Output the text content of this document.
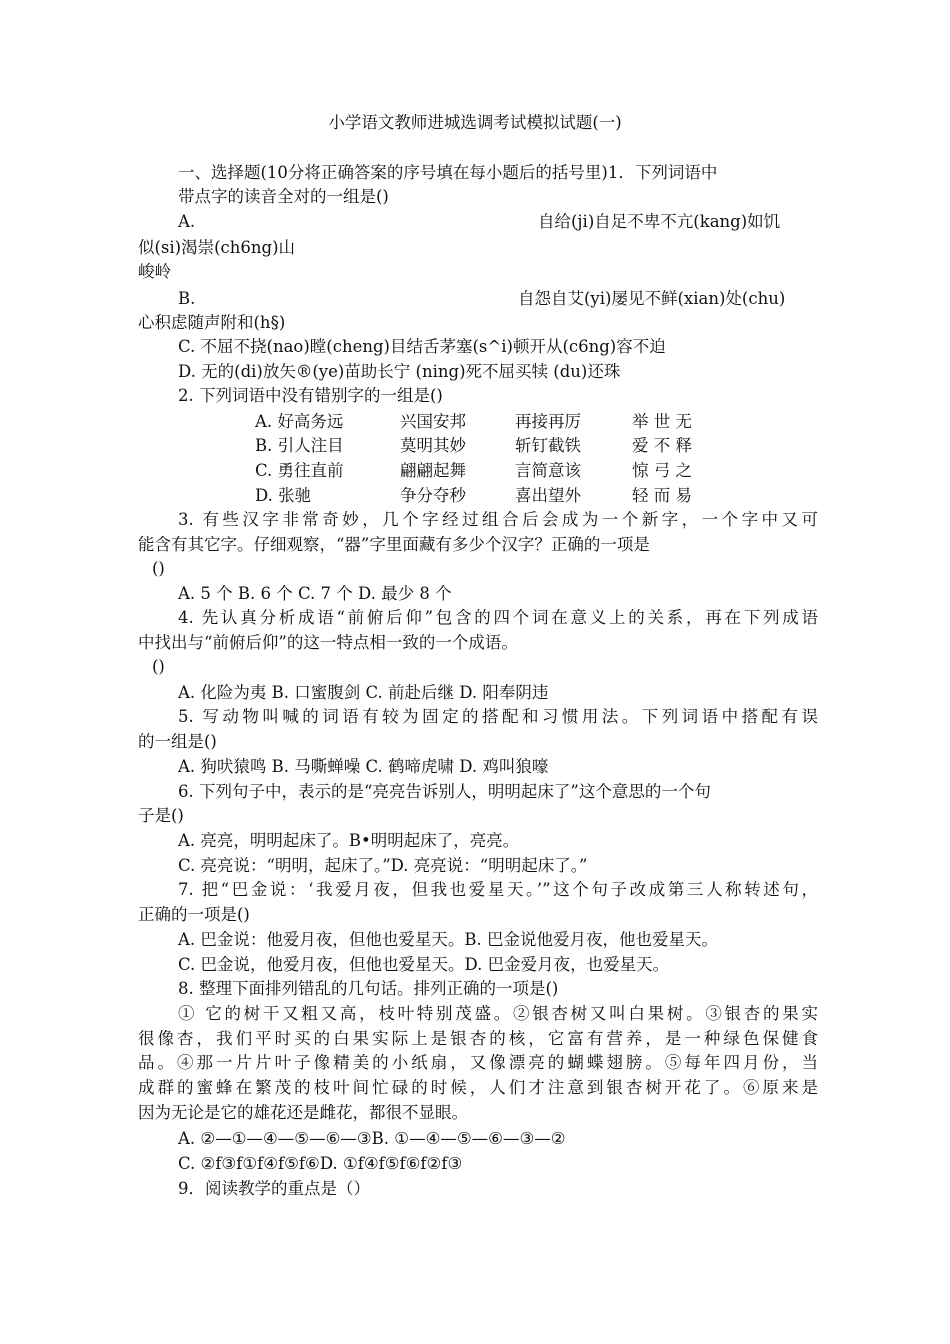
小学语文教师进城选调考试模拟试题(一)
一、选择题(10分将正确答案的序号填在每小题后的括号里)1．下列词语中
带点字的读音全对的一组是()
A.	自给(ji)自足不卑不亢(kang)如饥
似(si)渴崇(ch6ng)山
峻岭
B.	自怨自艾(yi)屡见不鲜(xian)处(chu)
心积虑随声附和(h§)
C. 不屈不挠(nao)瞠(cheng)目结舌茅塞(s^i)顿开从(c6ng)容不迫
D. 无的(di)放矢®(ye)苗助长宁 (ning)死不屈买犊 (du)还珠
2. 下列词语中没有错别字的一组是()
A. 好高务远	兴国安邦	再接再厉	举 世 无
B. 引人注目	莫明其妙	斩钉截铁	爱 不 释
C. 勇往直前	翩翩起舞	言简意该	惊 弓 之
D. 张驰	争分夺秒	喜出望外	轻 而 易
3. 有些汉字非常奇妙，几个字经过组合后会成为一个新字，一个字中又可
能含有其它字。仔细观察，“器”字里面藏有多少个汉字？正确的一项是
()
A. 5 个 B. 6 个 C. 7 个 D. 最少 8 个
4. 先认真分析成语“前俯后仰”包含的四个词在意义上的关系，再在下列成语
中找出与“前俯后仰”的这一特点相一致的一个成语。
()
A. 化险为夷 B. 口蜜腹剑 C. 前赴后继 D. 阳奉阴违
5. 写动物叫喊的词语有较为固定的搭配和习惯用法。下列词语中搭配有误
的一组是()
A. 狗吠猿鸣 B. 马嘶蝉噪 C. 鹤啼虎啸 D. 鸡叫狼嚎
6. 下列句子中，表示的是“亮亮告诉别人，明明起床了”这个意思的一个句
子是()
A. 亮亮，明明起床了。B•明明起床了，亮亮。
C. 亮亮说：“明明，起床了。”D. 亮亮说：“明明起床了。”
7. 把“巴金说：‘我爱月夜，但我也爱星天。’”这个句子改成第三人称转述句，
正确的一项是()
A. 巴金说：他爱月夜，但他也爱星天。B. 巴金说他爱月夜，他也爱星天。
C. 巴金说，他爱月夜，但他也爱星天。D. 巴金爱月夜，也爱星天。
8. 整理下面排列错乱的几句话。排列正确的一项是()
① 它的树干又粗又高，枝叶特别茂盛。②银杏树又叫白果树。③银杏的果实
很像杏，我们平时买的白果实际上是银杏的核，它富有营养，是一种绿色保健食
品。④那一片片叶子像精美的小纸扇，又像漂亮的蝴蝶翅膀。⑤每年四月份，当
成群的蜜蜂在繁茂的枝叶间忙碌的时候，人们才注意到银杏树开花了。⑥原来是
因为无论是它的雄花还是雌花，都很不显眼。
A. ②—①—④—⑤—⑥—③B. ①—④—⑤—⑥—③—②
C. ②f③f①f④f⑤f⑥D. ①f④f⑤f⑥f②f③
9．阅读教学的重点是（）
